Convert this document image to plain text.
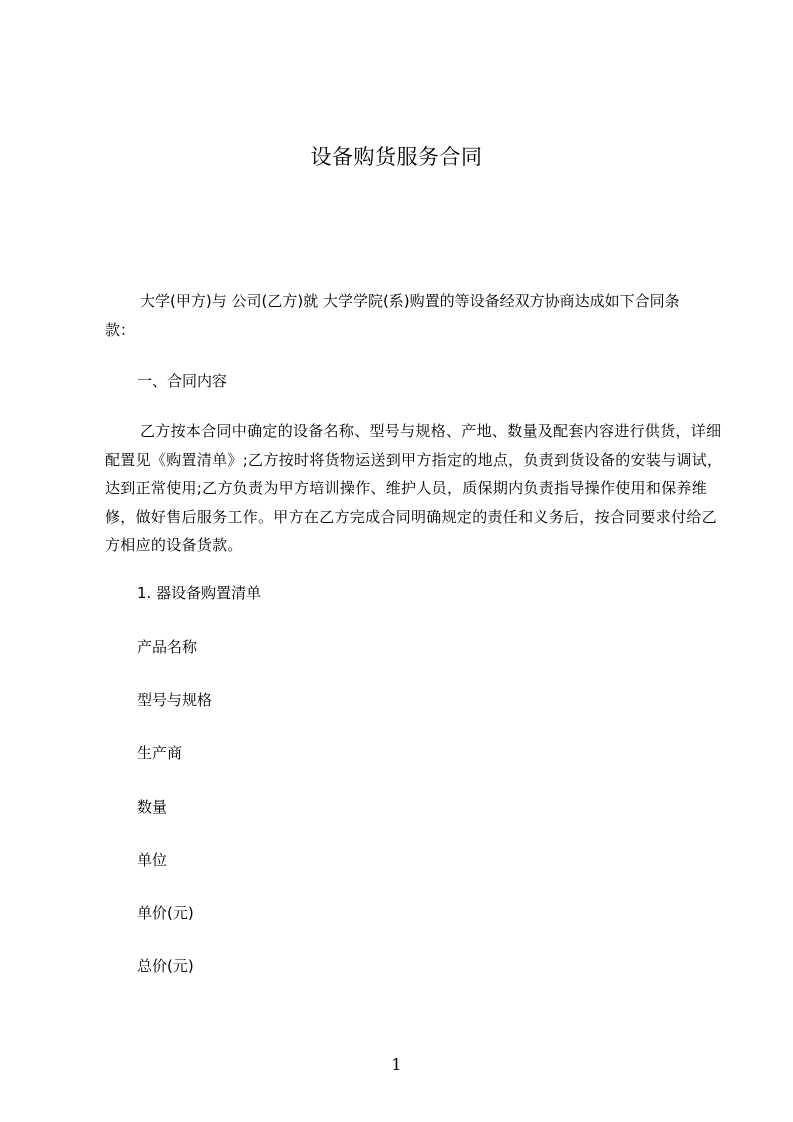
设备购货服务合同
大学(甲方)与 公司(乙方)就 大学学院(系)购置的等设备经双方协商达成如下合同条款：
一、合同内容
乙方按本合同中确定的设备名称、型号与规格、产地、数量及配套内容进行供货，详细配置见《购置清单》;乙方按时将货物运送到甲方指定的地点，负责到货设备的安装与调试，达到正常使用;乙方负责为甲方培训操作、维护人员，质保期内负责指导操作使用和保养维修，做好售后服务工作。甲方在乙方完成合同明确规定的责任和义务后，按合同要求付给乙方相应的设备货款。
1. 器设备购置清单
产品名称
型号与规格
生产商
数量
单位
单价(元)
总价(元)
1
